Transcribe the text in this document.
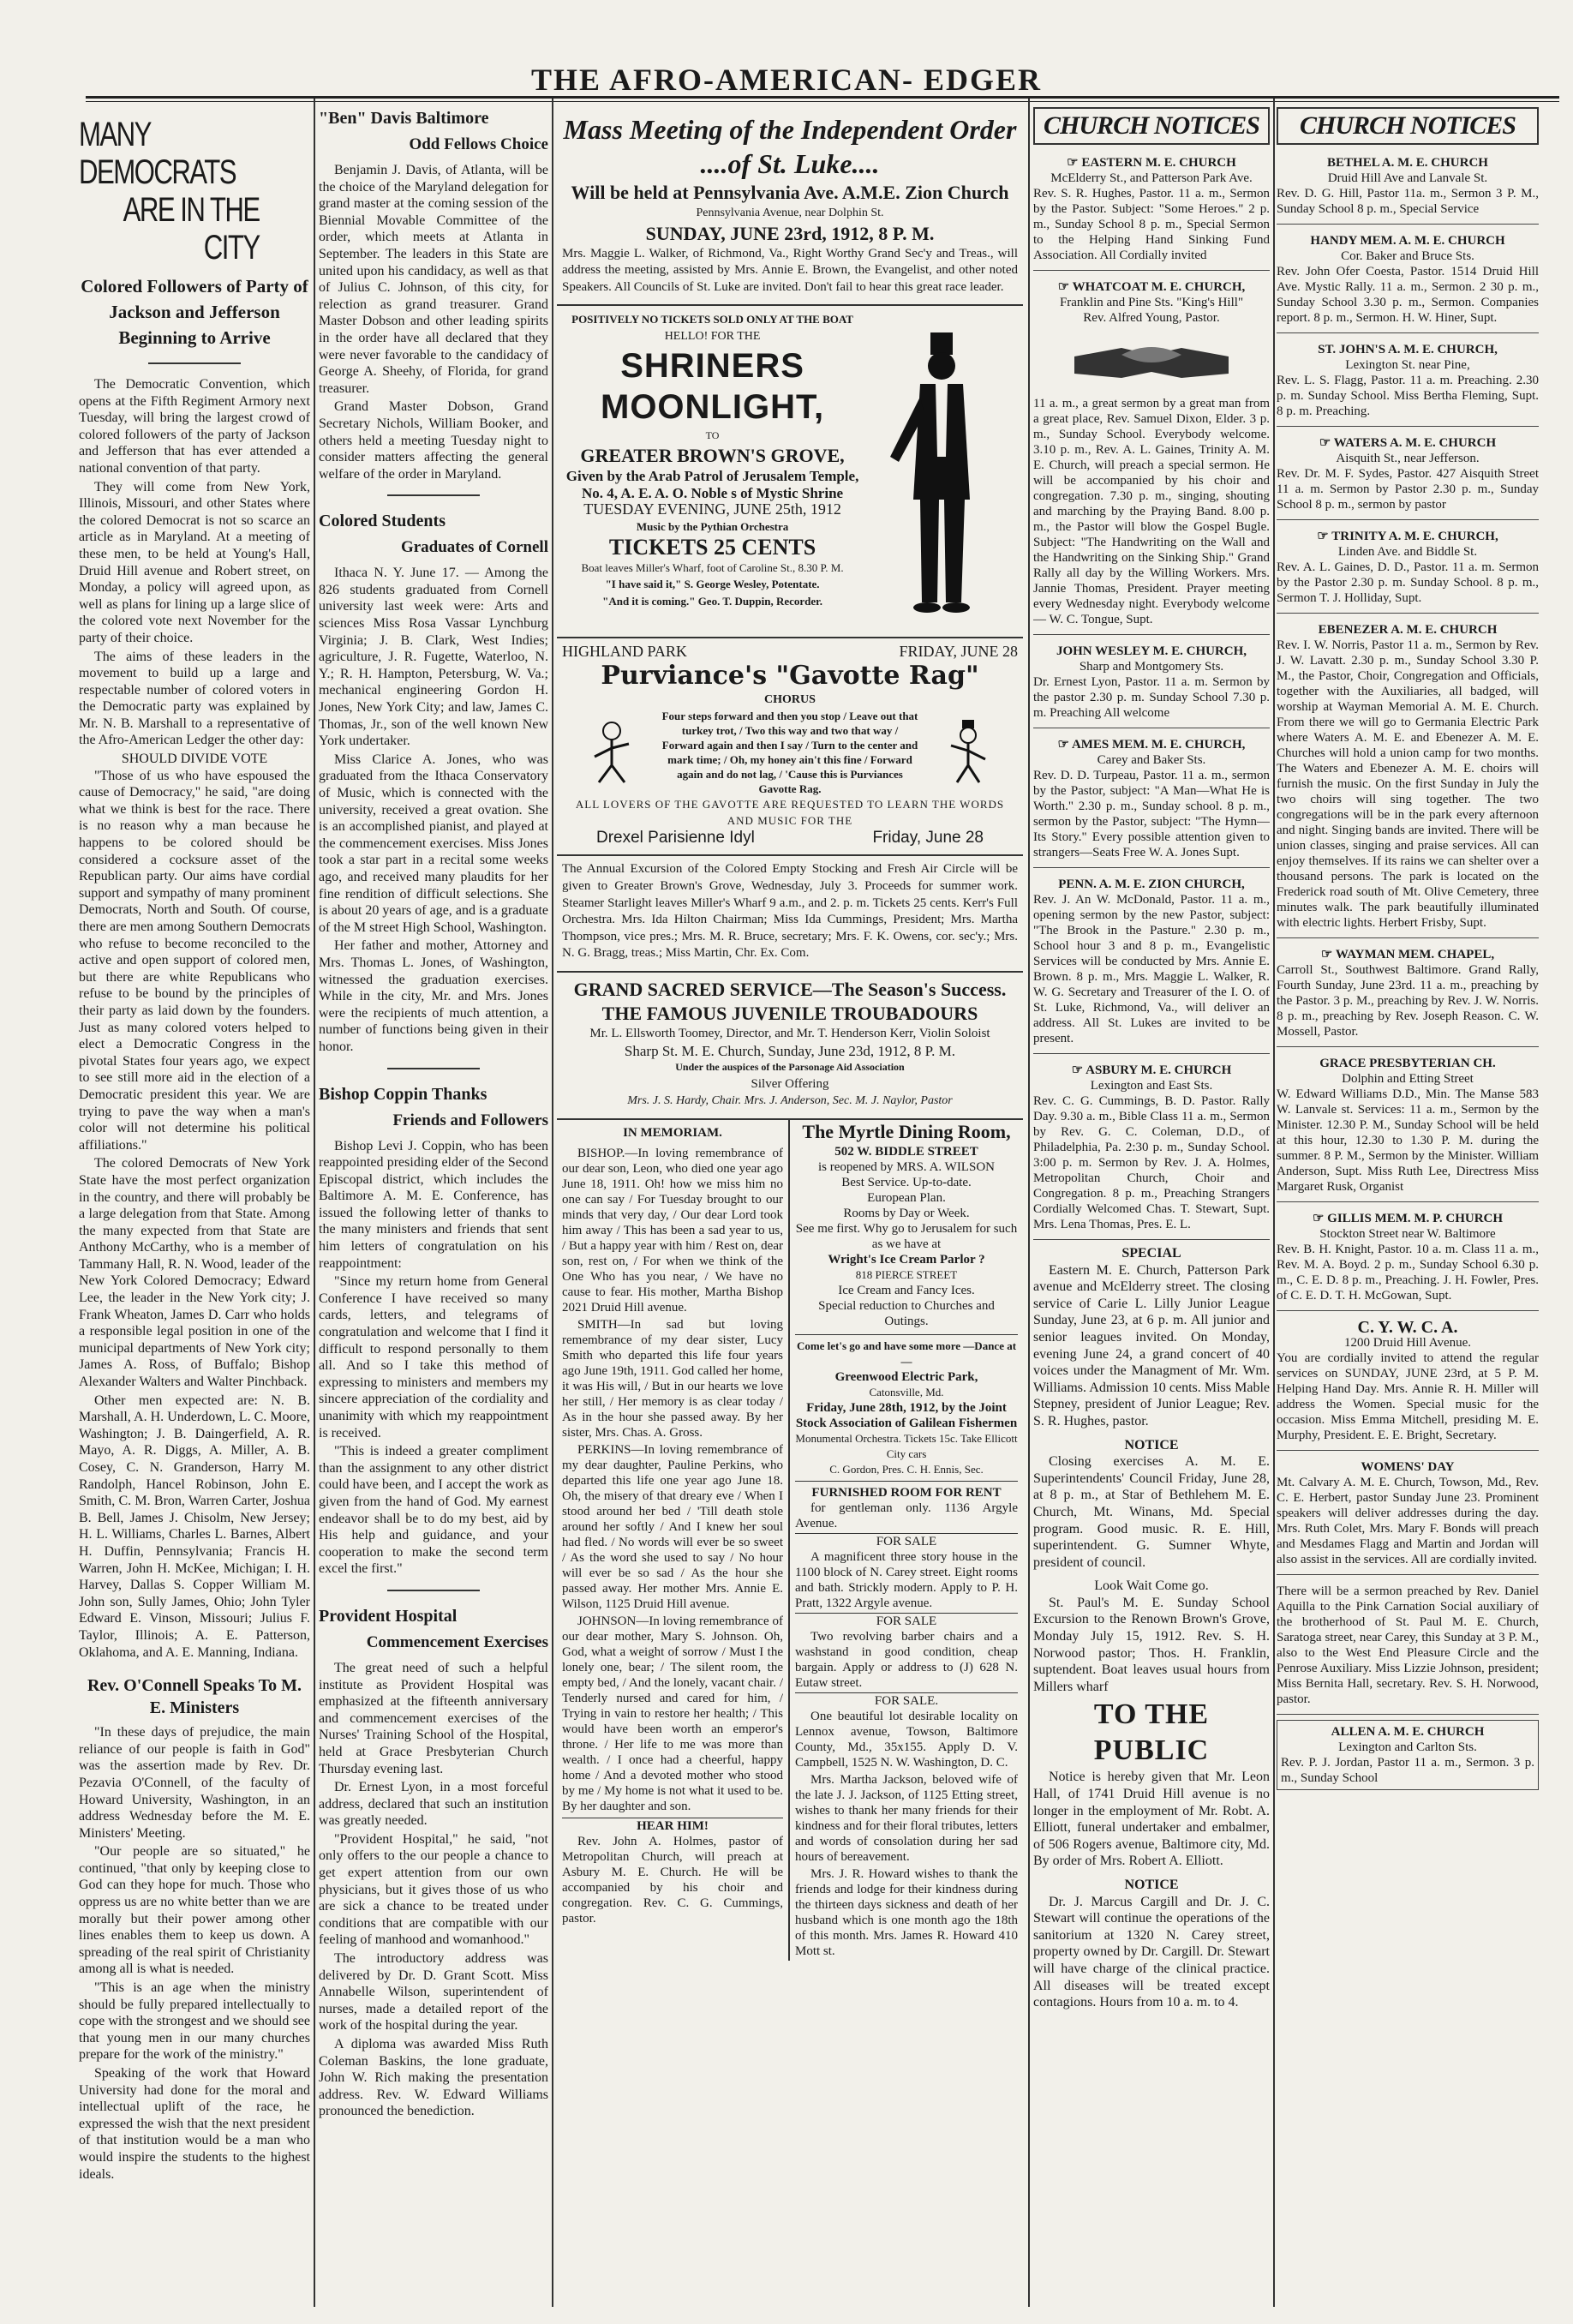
THE AFRO-AMERICAN- EDGER
MANY DEMOCRATS
ARE IN THE CITY
Colored Followers of Party of Jackson and Jefferson Beginning to Arrive

The Democratic Convention, which opens at the Fifth Regiment Armory next Tuesday, will bring the largest crowd of colored followers of the party of Jackson and Jefferson that has ever attended a national convention of that party.

They will come from New York, Illinois, Missouri, and other States where the colored Democrat is not so scarce an article as in Maryland. At a meeting of these men, to be held at Young's Hall, Druid Hill avenue and Robert street, on Monday, a policy will agreed upon, as well as plans for lining up a large slice of the colored vote next November for the party of their choice.

The aims of these leaders in the movement to build up a large and respectable number of colored voters in the Democratic party was explained by Mr. N. B. Marshall to a representative of the Afro-American Ledger the other day:

SHOULD DIVIDE VOTE

"Those of us who have espoused the cause of Democracy," he said, "are doing what we think is best for the race. There is no reason why a man because he happens to be colored should be considered a cocksure asset of the Republican party. Our aims have cordial support and sympathy of many prominent Democrats, North and South. Of course, there are men among Southern Democrats who refuse to become reconciled to the active and open support of colored men, but there are white Republicans who refuse to be bound by the principles of their party as laid down by the founders. Just as many colored voters helped to elect a Democratic Congress in the pivotal States four years ago, we expect to see still more aid in the election of a Democratic president this year. We are trying to pave the way when a man's color will not determine his political affiliations."

The colored Democrats of New York State have the most perfect organization in the country, and there will probably be a large delegation from that State. Among the many expected from that State are Anthony McCarthy, who is a member of Tammany Hall, R. N. Wood, leader of the New York Colored Democracy; Edward Lee, the leader in the New York city; J. Frank Wheaton, James D. Carr who holds a responsible legal position in one of the municipal departments of New York city; James A. Ross, of Buffalo; Bishop Alexander Walters and Walter Pinchback.

Other men expected are: N. B. Marshall, A. H. Underdown, L. C. Moore, Washington; J. B. Daingerfield, A. R. Mayo, A. R. Diggs, A. Miller, A. B. Cosey, C. N. Granderson, Harry M. Randolph, Hancel Robinson, John E. Smith, C. M. Bron, Warren Carter, Joshua B. Bell, James J. Chisolm, New Jersey; H. L. Williams, Charles L. Barnes, Albert H. Duffin, Pennsylvania; Francis H. Warren, John H. McKee, Michigan; I. H. Harvey, Dallas S. Copper William M. John son, Sully James, Ohio; John Tyler Edward E. Vinson, Missouri; Julius F. Taylor, Illinois; A. E. Patterson, Oklahoma, and A. E. Manning, Indiana.

Rev. O'Connell Speaks To M. E. Ministers

"In these days of prejudice, the main reliance of our people is faith in God" was the assertion made by Rev. Dr. Pezavia O'Connell, of the faculty of Howard University, Washington, in an address Wednesday before the M. E. Ministers' Meeting.

"Our people are so situated," he continued, "that only by keeping close to God can they hope for much. Those who oppress us are no white better than we are morally but their power among other lines enables them to keep us down. A spreading of the real spirit of Christianity among all is what is needed.

"This is an age when the ministry should be fully prepared intellectually to cope with the strongest and we should see that young men in our many churches prepare for the work of the ministry."

Speaking of the work that Howard University had done for the moral and intellectual uplift of the race, he expressed the wish that the next president of that institution would be a man who would inspire the students to the highest ideals.

"Ben" Davis Baltimore
Odd Fellows Choice

Benjamin J. Davis, of Atlanta, will be the choice of the Maryland delegation for grand master at the coming session of the Biennial Movable Committee of the order, which meets at Atlanta in September. The leaders in this State are united upon his candidacy, as well as that of Julius C. Johnson, of this city, for relection as grand treasurer. Grand Master Dobson and other leading spirits in the order have all declared that they were never favorable to the candidacy of George A. Sheehy, of Florida, for grand treasurer.

Grand Master Dobson, Grand Secretary Nichols, William Booker, and others held a meeting Tuesday night to consider matters affecting the general welfare of the order in Maryland.

Colored Students
Graduates of Cornell

Ithaca N. Y. June 17. — Among the 826 students graduated from Cornell university last week were: Arts and sciences Miss Rosa Vassar Lynchburg Virginia; J. B. Clark, West Indies; agriculture, J. R. Fugette, Waterloo, N. Y.; R. H. Hampton, Petersburg, W. Va.; mechanical engineering Gordon H. Jones, New York City; and law, James C. Thomas, Jr., son of the well known New York undertaker.

Miss Clarice A. Jones, who was graduated from the Ithaca Conservatory of Music, which is connected with the university, received a great ovation. She is an accomplished pianist, and played at the commencement exercises. Miss Jones took a star part in a recital some weeks ago, and received many plaudits for her fine rendition of difficult selections. She is about 20 years of age, and is a graduate of the M street High School, Washington.

Her father and mother, Attorney and Mrs. Thomas L. Jones, of Washington, witnessed the graduation exercises. While in the city, Mr. and Mrs. Jones were the recipients of much attention, a number of functions being given in their honor.

Bishop Coppin Thanks
Friends and Followers

Bishop Levi J. Coppin, who has been reappointed presiding elder of the Second Episcopal district, which includes the Baltimore A. M. E. Conference, has issued the following letter of thanks to the many ministers and friends that sent him letters of congratulation on his reappointment:

"Since my return home from General Conference I have received so many cards, letters, and telegrams of congratulation and welcome that I find it difficult to respond personally to them all. And so I take this method of expressing to ministers and members my sincere appreciation of the cordiality and unanimity with which my reappointment is received.

"This is indeed a greater compliment than the assignment to any other district could have been, and I accept the work as given from the hand of God. My earnest endeavor shall be to do my best, aid by His help and guidance, and your cooperation to make the second term excel the first."

Provident Hospital
Commencement Exercises

The great need of such a helpful institute as Provident Hospital was emphasized at the fifteenth anniversary and commencement exercises of the Nurses' Training School of the Hospital, held at Grace Presbyterian Church Thursday evening last.

Dr. Ernest Lyon, in a most forceful address, declared that such an institution was greatly needed.

"Provident Hospital," he said, "not only offers to the our people a chance to get expert attention from our own physicians, but it gives those of us who are sick a chance to be treated under conditions that are compatible with our feeling of manhood and womanhood."

The introductory address was delivered by Dr. D. Grant Scott. Miss Annabelle Wilson, superintendent of nurses, made a detailed report of the work of the hospital during the year.

A diploma was awarded Miss Ruth Coleman Baskins, the lone graduate, John W. Rich making the presentation address. Rev. W. Edward Williams pronounced the benediction.

Mass Meeting of the Independent Order ....of St. Luke....
Will be held at Pennsylvania Ave. A.M.E. Zion Church
Pennsylvania Avenue, near Dolphin St.
SUNDAY, JUNE 23rd, 1912, 8 P. M.
Mrs. Maggie L. Walker, of Richmond, Va., Right Worthy Grand Sec'y and Treas., will address the meeting, assisted by Mrs. Annie E. Brown, the Evangelist, and other noted Speakers. All Councils of St. Luke are invited. Don't fail to hear this great race leader.
POSITIVELY NO TICKETS SOLD ONLY AT THE BOAT
HELLO! FOR THE
SHRINERS MOONLIGHT,
TO
GREATER BROWN'S GROVE,
Given by the Arab Patrol of Jerusalem Temple, No. 4, A. E. A. O. Noble s of Mystic Shrine
TUESDAY EVENING, JUNE 25th, 1912
Music by the Pythian Orchestra
TICKETS 25 CENTS
Boat leaves Miller's Wharf, foot of Caroline St., 8.30 P. M.
"I have said it," S. George Wesley, Potentate.
"And it is coming." Geo. T. Duppin, Recorder.
HIGHLAND PARK	FRIDAY, JUNE 28
Purviance's "Gavotte Rag"
CHORUS
Four steps forward and then you stop / Leave out that turkey trot, / Two this way and two that way / Forward again and then I say / Turn to the center and mark time; / Oh, my honey ain't this fine / Forward again and do not lag, / 'Cause this is Purviances Gavotte Rag.
ALL LOVERS OF THE GAVOTTE ARE REQUESTED TO LEARN THE WORDS AND MUSIC FOR THE
Drexel Parisienne Idyl	Friday, June 28
The Annual Excursion of the Colored Empty Stocking and Fresh Air Circle will be given to Greater Brown's Grove, Wednesday, July 3. Proceeds for summer work. Steamer Starlight leaves Miller's Wharf 9 a.m., and 2. p. m. Tickets 25 cents. Kerr's Full Orchestra. Mrs. Ida Hilton Chairman; Miss Ida Cummings, President; Mrs. Martha Thompson, vice pres.; Mrs. M. R. Bruce, secretary; Mrs. F. K. Owens, cor. sec'y.; Mrs. N. G. Bragg, treas.; Miss Martin, Chr. Ex. Com.
GRAND SACRED SERVICE—The Season's Success.
THE FAMOUS JUVENILE TROUBADOURS
Mr. L. Ellsworth Toomey, Director, and Mr. T. Henderson Kerr, Violin Soloist
Sharp St. M. E. Church, Sunday, June 23d, 1912, 8 P. M.
Under the auspices of the Parsonage Aid Association
Silver Offering
Mrs. J. S. Hardy, Chair. Mrs. J. Anderson, Sec. M. J. Naylor, Pastor
IN MEMORIAM.

BISHOP.—In loving remembrance of our dear son, Leon, who died one year ago June 18, 1911. Oh! how we miss him no one can say / For Tuesday brought to our minds that very day, / Our dear Lord took him away / This has been a sad year to us, / But a happy year with him / Rest on, dear son, rest on, / For when we think of the One Who has you near, / We have no cause to fear. His mother, Martha Bishop 2021 Druid Hill avenue.

SMITH—In sad but loving remembrance of my dear sister, Lucy Smith who departed this life four years ago June 19th, 1911. God called her home, it was His will, / But in our hearts we love her still, / Her memory is as clear today / As in the hour she passed away. By her sister, Mrs. Chas. A. Gross.

PERKINS—In loving remembrance of my dear daughter, Pauline Perkins, who departed this life one year ago June 18. Oh, the misery of that dreary eve / When I stood around her bed / 'Till death stole around her softly / And I knew her soul had fled. / No words will ever be so sweet / As the word she used to say / No hour will ever be so sad / As the hour she passed away. Her mother Mrs. Annie E. Wilson, 1125 Druid Hill avenue.

JOHNSON—In loving remembrance of our dear mother, Mary S. Johnson. Oh, God, what a weight of sorrow / Must I the lonely one, bear; / The silent room, the empty bed, / And the lonely, vacant chair. / Tenderly nursed and cared for him, / Trying in vain to restore her health; / This would have been worth an emperor's throne. / Her life to me was more than wealth. / I once had a cheerful, happy home / And a devoted mother who stood by me / My home is not what it used to be. By her daughter and son.

HEAR HIM!

Rev. John A. Holmes, pastor of Metropolitan Church, will preach at Asbury M. E. Church. He will be accompanied by his choir and congregation. Rev. C. G. Cummings, pastor.

The Myrtle Dining Room,
502 W. BIDDLE STREET
is reopened by MRS. A. WILSON
Best Service. Up-to-date.
European Plan.
Rooms by Day or Week.
See me first. Why go to Jerusalem for such as we have at
Wright's Ice Cream Parlor ?
818 PIERCE STREET
Ice Cream and Fancy Ices.
Special reduction to Churches and Outings.
Come let's go and have some more —Dance at—
Greenwood Electric Park,
Catonsville, Md.
Friday, June 28th, 1912, by the Joint Stock Association of Galilean Fishermen
Monumental Orchestra. Tickets 15c. Take Ellicott City cars
C. Gordon, Pres. C. H. Ennis, Sec.
FURNISHED ROOM FOR RENT

for gentleman only. 1136 Argyle Avenue.

FOR SALE

A magnificent three story house in the 1100 block of N. Carey street. Eight rooms and bath. Strickly modern. Apply to P. H. Pratt, 1322 Argyle avenue.

FOR SALE

Two revolving barber chairs and a washstand in good condition, cheap bargain. Apply or address to (J) 628 N. Eutaw street.

FOR SALE.

One beautiful lot desirable locality on Lennox avenue, Towson, Baltimore County, Md., 35x155. Apply D. V. Campbell, 1525 N. W. Washington, D. C.

Mrs. Martha Jackson, beloved wife of the late J. J. Jackson, of 1125 Etting street, wishes to thank her many friends for their kindness and for their floral tributes, letters and words of consolation during her sad hours of bereavement.

Mrs. J. R. Howard wishes to thank the friends and lodge for their kindness during the thirteen days sickness and death of her husband which is one month ago the 18th of this month. Mrs. James R. Howard 410 Mott st.

CHURCH NOTICES
☞ EASTERN M. E. CHURCH
McElderry St., and Patterson Park Ave.
Rev. S. R. Hughes, Pastor. 11 a. m., Sermon by the Pastor. Subject: "Some Heroes." 2 p. m., Sunday School 8 p. m., Special Sermon to the Helping Hand Sinking Fund Association. All Cordially invited
☞ WHATCOAT M. E. CHURCH,
Franklin and Pine Sts. "King's Hill"
Rev. Alfred Young, Pastor.
11 a. m., a great sermon by a great man from a great place, Rev. Samuel Dixon, Elder. 3 p. m., Sunday School. Everybody welcome. 3.10 p. m., Rev. A. L. Gaines, Trinity A. M. E. Church, will preach a special sermon. He will be accompanied by his choir and congregation. 7.30 p. m., singing, shouting and marching by the Praying Band. 8.00 p. m., the Pastor will blow the Gospel Bugle. Subject: "The Handwriting on the Wall and the Handwriting on the Sinking Ship." Grand Rally all day by the Willing Workers. Mrs. Jannie Thomas, President. Prayer meeting every Wednesday night. Everybody welcome — W. C. Tongue, Supt.
JOHN WESLEY M. E. CHURCH,
Sharp and Montgomery Sts.
Dr. Ernest Lyon, Pastor. 11 a. m. Sermon by the pastor 2.30 p. m. Sunday School 7.30 p. m. Preaching All welcome
☞ AMES MEM. M. E. CHURCH,
Carey and Baker Sts.
Rev. D. D. Turpeau, Pastor. 11 a. m., sermon by the Pastor, subject: "A Man—What He is Worth." 2.30 p. m., Sunday school. 8 p. m., sermon by the Pastor, subject: "The Hymn—Its Story." Every possible attention given to strangers—Seats Free W. A. Jones Supt.
PENN. A. M. E. ZION CHURCH,
Rev. J. An W. McDonald, Pastor. 11 a. m., opening sermon by the new Pastor, subject: "The Brook in the Pasture." 2.30 p. m., School hour 3 and 8 p. m., Evangelistic Services will be conducted by Mrs. Annie E. Brown. 8 p. m., Mrs. Maggie L. Walker, R. W. G. Secretary and Treasurer of the I. O. of St. Luke, Richmond, Va., will deliver an address. All St. Lukes are invited to be present.
☞ ASBURY M. E. CHURCH
Lexington and East Sts.
Rev. C. G. Cummings, B. D. Pastor. Rally Day. 9.30 a. m., Bible Class 11 a. m., Sermon by Rev. G. C. Coleman, D.D., of Philadelphia, Pa. 2:30 p. m., Sunday School. 3:00 p. m. Sermon by Rev. J. A. Holmes, Metropolitan Church, Choir and Congregation. 8 p. m., Preaching Strangers Cordially Welcomed Chas. T. Stewart, Supt. Mrs. Lena Thomas, Pres. E. L.
SPECIAL

Eastern M. E. Church, Patterson Park avenue and McElderry street. The closing service of Carie L. Lilly Junior League Sunday, June 23, at 6 p. m. All junior and senior leagues invited. On Monday, evening June 24, a grand concert of 40 voices under the Managment of Mr. Wm. Williams. Admission 10 cents. Miss Mable Stepney, president of Junior League; Rev. S. R. Hughes, pastor.

NOTICE

Closing exercises A. M. E. Superintendents' Council Friday, June 28, at 8 p. m., at Star of Bethlehem M. E. Church, Mt. Winans, Md. Special program. Good music. R. E. Hill, superintendent. G. Sumner Whyte, president of council.

Look Wait Come go.

St. Paul's M. E. Sunday School Excursion to the Renown Brown's Grove, Monday July 15, 1912. Rev. S. H. Norwood pastor; Thos. H. Franklin, suptendent. Boat leaves usual hours from Millers wharf

TO THE PUBLIC

Notice is hereby given that Mr. Leon Hall, of 1741 Druid Hill avenue is no longer in the employment of Mr. Robt. A. Elliott, funeral undertaker and embalmer, of 506 Rogers avenue, Baltimore city, Md. By order of Mrs. Robert A. Elliott.

NOTICE

Dr. J. Marcus Cargill and Dr. J. C. Stewart will continue the operations of the sanitorium at 1320 N. Carey street, property owned by Dr. Cargill. Dr. Stewart will have charge of the clinical practice. All diseases will be treated except contagions. Hours from 10 a. m. to 4.

CHURCH NOTICES
BETHEL A. M. E. CHURCH
Druid Hill Ave and Lanvale St.
Rev. D. G. Hill, Pastor 11a. m., Sermon 3 P. M., Sunday School 8 p. m., Special Service
HANDY MEM. A. M. E. CHURCH
Cor. Baker and Bruce Sts.
Rev. John Ofer Coesta, Pastor. 1514 Druid Hill Ave. Mystic Rally. 11 a. m., Sermon. 2 30 p. m., Sunday School 3.30 p. m., Sermon. Companies report. 8 p. m., Sermon. H. W. Hiner, Supt.
ST. JOHN'S A. M. E. CHURCH,
Lexington St. near Pine,
Rev. L. S. Flagg, Pastor. 11 a. m. Preaching. 2.30 p. m. Sunday School. Miss Bertha Fleming, Supt. 8 p. m. Preaching.
☞ WATERS A. M. E. CHURCH
Aisquith St., near Jefferson.
Rev. Dr. M. F. Sydes, Pastor. 427 Aisquith Street 11 a. m. Sermon by Pastor 2.30 p. m., Sunday School 8 p. m., sermon by pastor
☞ TRINITY A. M. E. CHURCH,
Linden Ave. and Biddle St.
Rev. A. L. Gaines, D. D., Pastor. 11 a. m. Sermon by the Pastor 2.30 p. m. Sunday School. 8 p. m., Sermon T. J. Holliday, Supt.
EBENEZER A. M. E. CHURCH
Rev. I. W. Norris, Pastor 11 a. m., Sermon by Rev. J. W. Lavatt. 2.30 p. m., Sunday School 3.30 P. M., the Pastor, Choir, Congregation and Officials, together with the Auxiliaries, all badged, will worship at Wayman Memorial A. M. E. Church. From there we will go to Germania Electric Park where Waters A. M. E. and Ebenezer A. M. E. Churches will hold a union camp for two months. The Waters and Ebenezer A. M. E. choirs will furnish the music. On the first Sunday in July the two choirs will sing together. The two congregations will be in the park every afternoon and night. Singing bands are invited. There will be union classes, singing and praise services. All can enjoy themselves. If its rains we can shelter over a thousand persons. The park is located on the Frederick road south of Mt. Olive Cemetery, three minutes walk. The park beautifully illuminated with electric lights. Herbert Frisby, Supt.
☞ WAYMAN MEM. CHAPEL,
Carroll St., Southwest Baltimore. Grand Rally, Fourth Sunday, June 23rd. 11 a. m., preaching by the Pastor. 3 p. M., preaching by Rev. J. W. Norris. 8 p. m., preaching by Rev. Joseph Reason. C. W. Mossell, Pastor.
GRACE PRESBYTERIAN CH.
Dolphin and Etting Street
W. Edward Williams D.D., Min. The Manse 583 W. Lanvale st. Services: 11 a. m., Sermon by the Minister. 12.30 P. M., Sunday School will be held at this hour, 12.30 to 1.30 P. M. during the summer. 8 P. M., Sermon by the Minister. William Anderson, Supt. Miss Ruth Lee, Directress Miss Margaret Rusk, Organist
☞ GILLIS MEM. M. P. CHURCH
Stockton Street near W. Baltimore
Rev. B. H. Knight, Pastor. 10 a. m. Class 11 a. m., Rev. M. A. Boyd. 2 p. m., Sunday School 6.30 p. m., C. E. D. 8 p. m., Preaching. J. H. Fowler, Pres. of C. E. D. T. H. McGowan, Supt.
C. Y. W. C. A.
1200 Druid Hill Avenue.
You are cordially invited to attend the regular services on SUNDAY, JUNE 23rd, at 5 P. M. Helping Hand Day. Mrs. Annie R. H. Miller will address the Women. Special music for the occasion. Miss Emma Mitchell, presiding M. E. Murphy, President. E. E. Bright, Secretary.
WOMENS' DAY
Mt. Calvary A. M. E. Church, Towson, Md., Rev. C. E. Herbert, pastor Sunday June 23. Prominent speakers will deliver addresses during the day. Mrs. Ruth Colet, Mrs. Mary F. Bonds will preach and Mesdames Flagg and Martin and Jordan will also assist in the services. All are cordially invited.
There will be a sermon preached by Rev. Daniel Aquilla to the Pink Carnation Social auxiliary of the brotherhood of St. Paul M. E. Church, Saratoga street, near Carey, this Sunday at 3 P. M., also to the West End Pleasure Circle and the Penrose Auxiliary. Miss Lizzie Johnson, president; Miss Bernita Hall, secretary. Rev. S. H. Norwood, pastor.
ALLEN A. M. E. CHURCH
Lexington and Carlton Sts.
Rev. P. J. Jordan, Pastor 11 a. m., Sermon. 3 p. m., Sunday School
